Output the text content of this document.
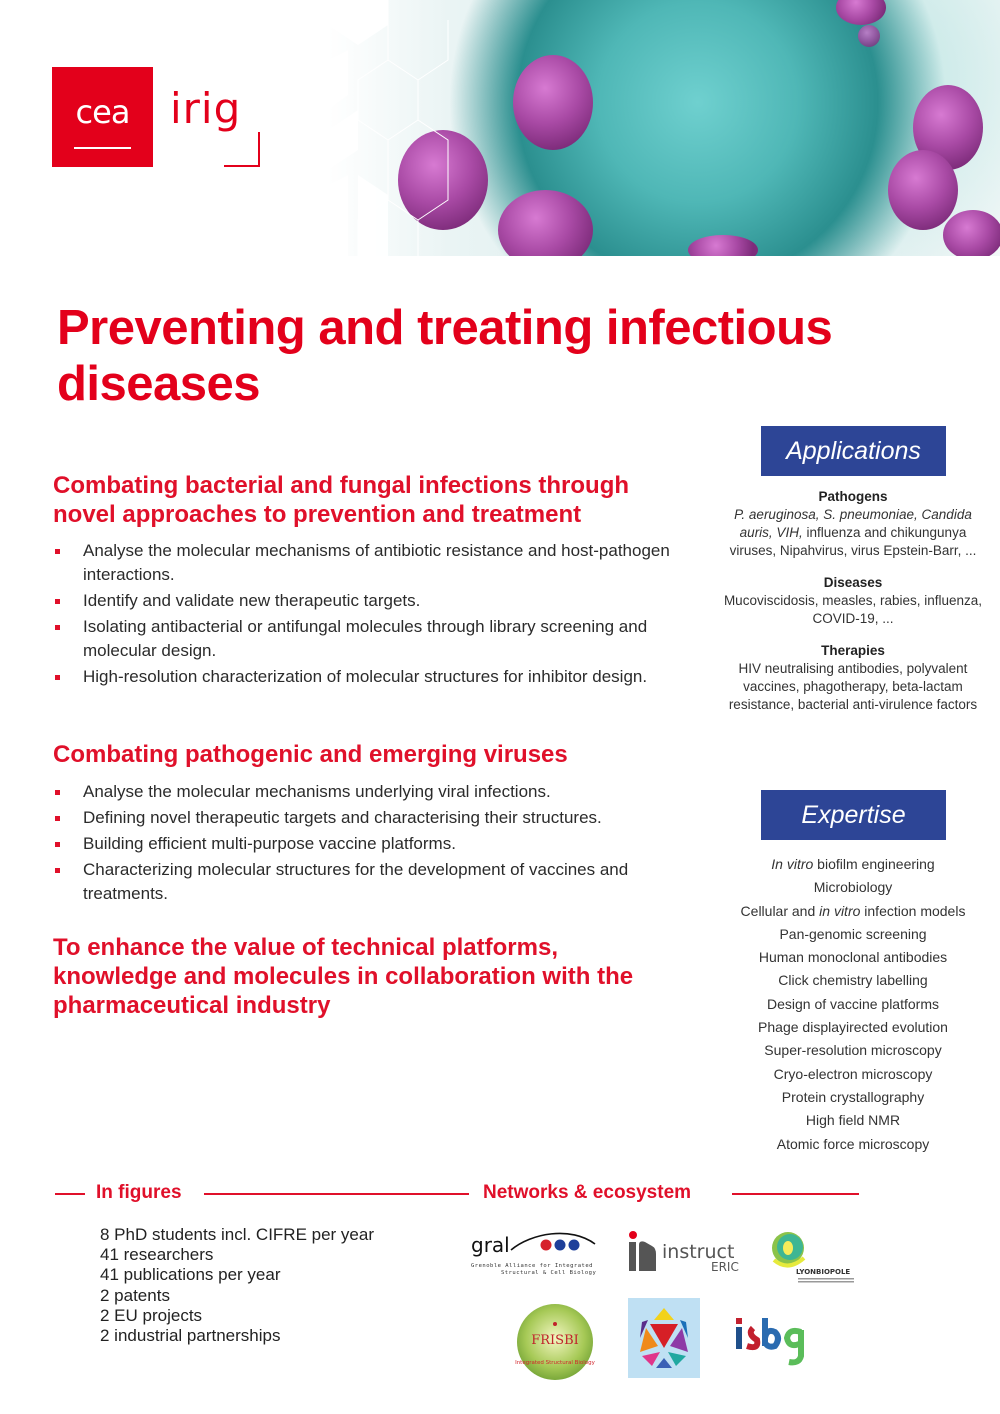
cea irig
Preventing and treating infectious diseases
Combating bacterial and fungal infections through novel approaches to prevention and treatment
Analyse the molecular mechanisms of antibiotic resistance and host-pathogen interactions.
Identify and validate new therapeutic targets.
Isolating antibacterial or antifungal molecules through library screening and molecular design.
High-resolution characterization of molecular structures for inhibitor design.
Combating pathogenic and emerging viruses
Analyse the molecular mechanisms underlying viral infections.
Defining novel therapeutic targets and characterising their structures.
Building efficient multi-purpose vaccine platforms.
Characterizing molecular structures for the development of vaccines and treatments.
To enhance the value of technical platforms, knowledge and molecules in collaboration with the pharmaceutical industry
Applications
Pathogens
P. aeruginosa, S. pneumoniae, Candida auris, VIH, influenza and chikungunya viruses, Nipahvirus, virus Epstein-Barr, ...
Diseases
Mucoviscidosis, measles, rabies, influenza, COVID-19, ...
Therapies
HIV neutralising antibodies, polyvalent vaccines, phagotherapy, beta-lactam resistance, bacterial anti-virulence factors
Expertise
In vitro biofilm engineering
Microbiology
Cellular and in vitro infection models
Pan-genomic screening
Human monoclonal antibodies
Click chemistry labelling
Design of vaccine platforms
Phage displayirected evolution
Super-resolution microscopy
Cryo-electron microscopy
Protein crystallography
High field NMR
Atomic force microscopy
In figures	Networks & ecosystem
8 PhD students incl. CIFRE per year
41 researchers
41 publications per year
2 patents
2 EU projects
2 industrial partnerships
gral
Grenoble Alliance for Integrated
Structural & Cell Biology
instruct
ERIC	LYONBIOPOLE
FRISBI
Integrated Structural Biology
